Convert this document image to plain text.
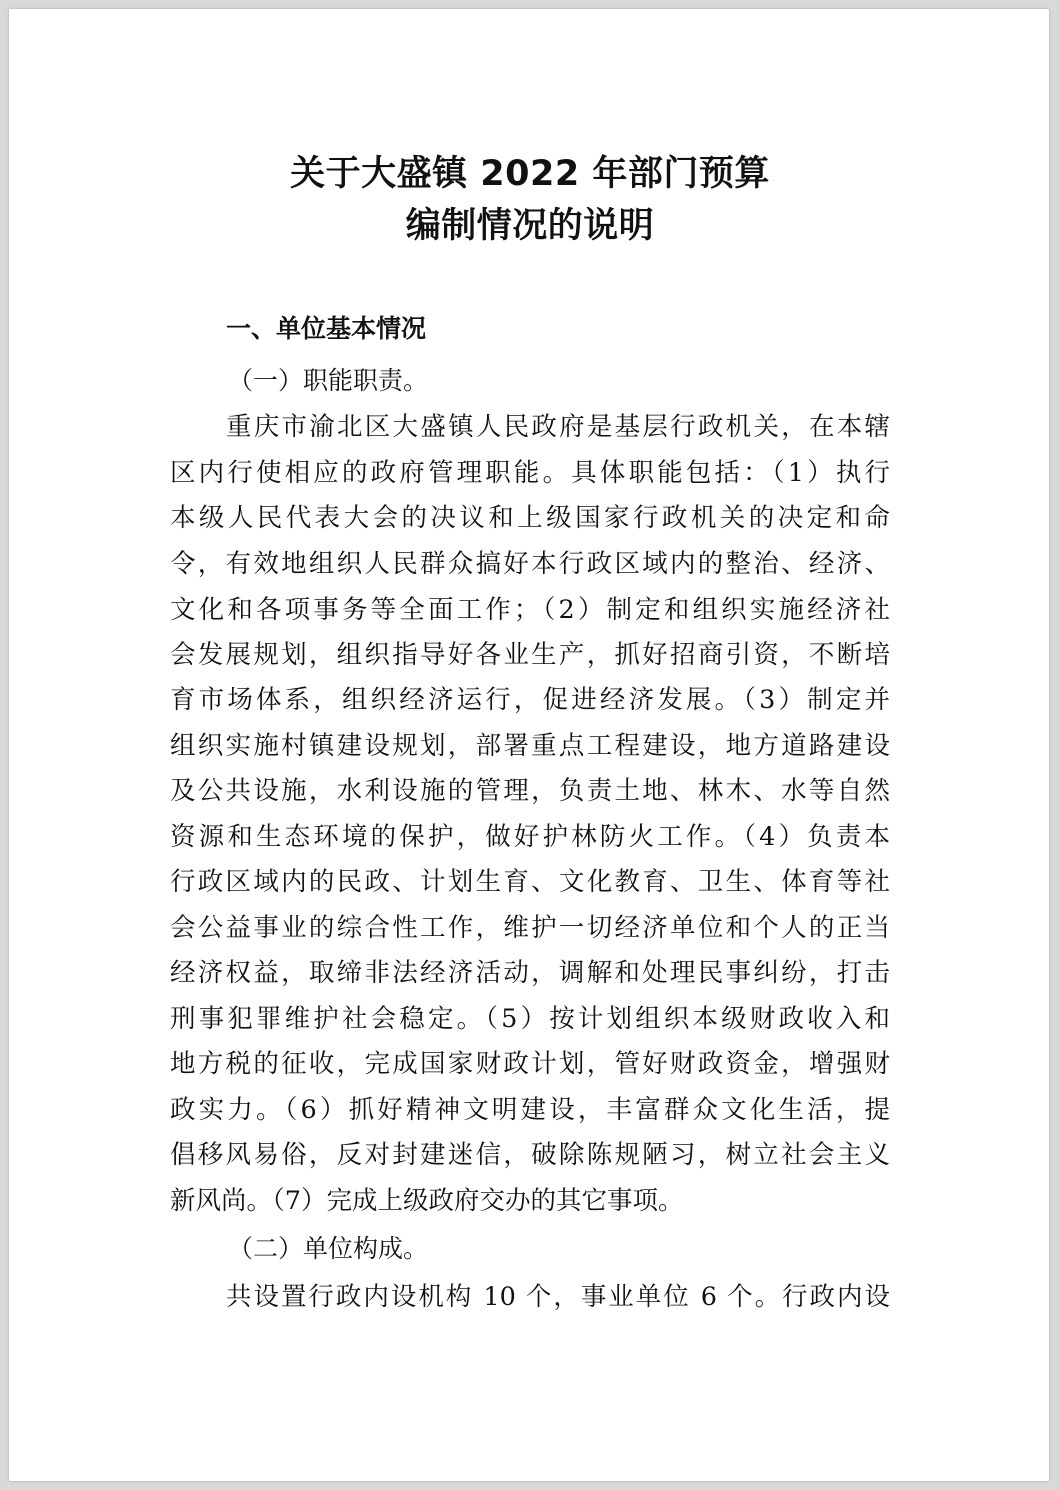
关于大盛镇 2022 年部门预算
编制情况的说明
一、单位基本情况
（一）职能职责。
重庆市渝北区大盛镇人民政府是基层行政机关，在本辖
区内行使相应的政府管理职能。具体职能包括：（1）执行
本级人民代表大会的决议和上级国家行政机关的决定和命
令，有效地组织人民群众搞好本行政区域内的整治、经济、
文化和各项事务等全面工作；（2）制定和组织实施经济社
会发展规划，组织指导好各业生产，抓好招商引资，不断培
育市场体系，组织经济运行，促进经济发展。（3）制定并
组织实施村镇建设规划，部署重点工程建设，地方道路建设
及公共设施，水利设施的管理，负责土地、林木、水等自然
资源和生态环境的保护，做好护林防火工作。（4）负责本
行政区域内的民政、计划生育、文化教育、卫生、体育等社
会公益事业的综合性工作，维护一切经济单位和个人的正当
经济权益，取缔非法经济活动，调解和处理民事纠纷，打击
刑事犯罪维护社会稳定。（5）按计划组织本级财政收入和
地方税的征收，完成国家财政计划，管好财政资金，增强财
政实力。（6）抓好精神文明建设，丰富群众文化生活，提
倡移风易俗，反对封建迷信，破除陈规陋习，树立社会主义
新风尚。（7）完成上级政府交办的其它事项。
（二）单位构成。
共设置行政内设机构 10 个，事业单位 6 个。行政内设
